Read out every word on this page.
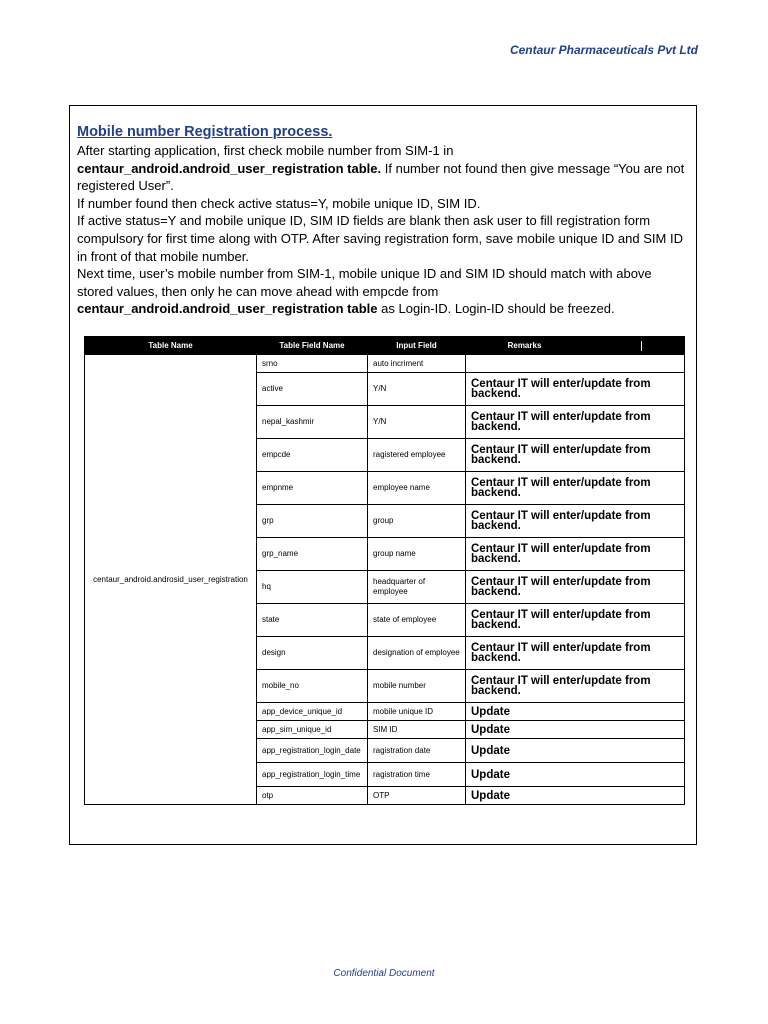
Centaur Pharmaceuticals Pvt Ltd

Mobile number Registration process.

After starting application, first check mobile number from SIM-1 in centaur_android.android_user_registration table. If number not found then give message “You are not registered User”.

If number found then check active status=Y, mobile unique ID, SIM ID.

If active status=Y and mobile unique ID, SIM ID fields are blank then ask user to fill registration form compulsory for first time along with OTP. After saving registration form, save mobile unique ID and SIM ID in front of that mobile number.

Next time, user’s mobile number from SIM-1, mobile unique ID and SIM ID should match with above stored values, then only he can move ahead with empcde from centaur_android.android_user_registration table as Login-ID. Login-ID should be freezed.

Table Name	Table Field Name	Input Field	Remarks
centaur_android.androsid_user_registration	srno	auto incriment	
	active	Y/N	Centaur IT will enter/update from backend.
	nepal_kashmir	Y/N	Centaur IT will enter/update from backend.
	empcde	ragistered employee	Centaur IT will enter/update from backend.
	empnme	employee name	Centaur IT will enter/update from backend.
	grp	group	Centaur IT will enter/update from backend.
	grp_name	group name	Centaur IT will enter/update from backend.
	hq	headquarter of employee	Centaur IT will enter/update from backend.
	state	state of employee	Centaur IT will enter/update from backend.
	design	designation of employee	Centaur IT will enter/update from backend.
	mobile_no	mobile number	Centaur IT will enter/update from backend.
	app_device_unique_id	mobile unique ID	Update
	app_sim_unique_id	SIM ID	Update
	app_registration_login_date	ragistration date	Update
	app_registration_login_time	ragistration time	Update
	otp	OTP	Update
Confidential Document
